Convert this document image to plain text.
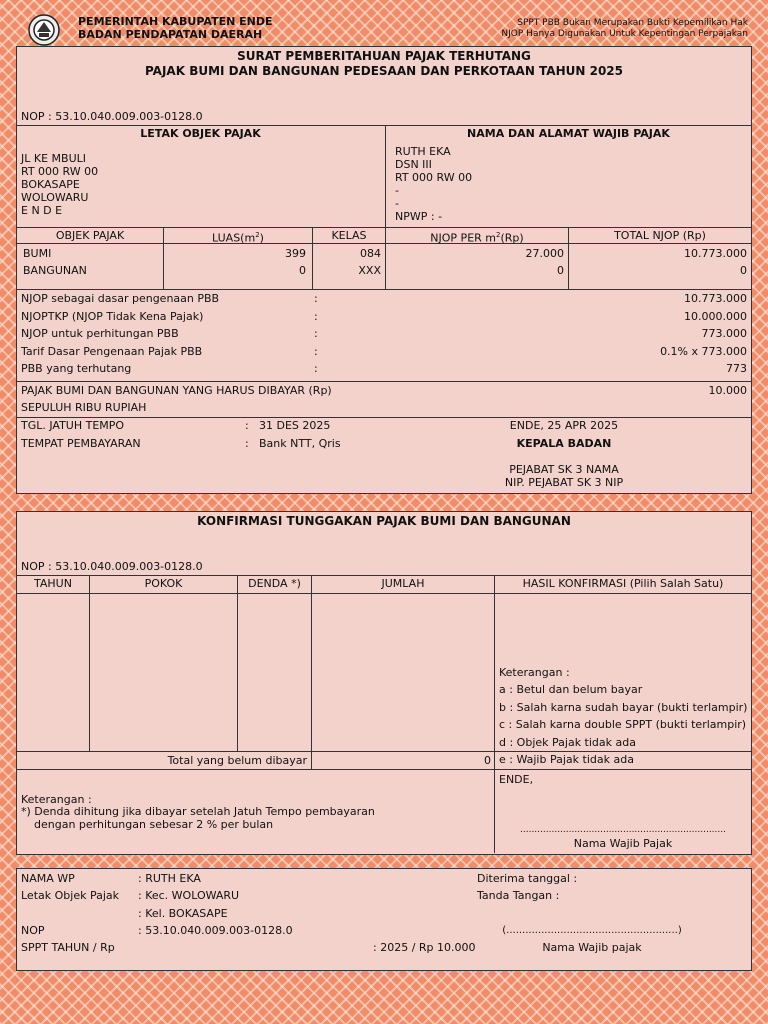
PEMERINTAH KABUPATEN ENDE
BADAN PENDAPATAN DAERAH
SPPT PBB Bukan Merupakan Bukti Kepemilikan Hak
NJOP Hanya Digunakan Untuk Kepentingan Perpajakan
SURAT PEMBERITAHUAN PAJAK TERHUTANG
PAJAK BUMI DAN BANGUNAN PEDESAAN DAN PERKOTAAN TAHUN 2025
NOP : 53.10.040.009.003-0128.0
LETAK OBJEK PAJAK	NAMA DAN ALAMAT WAJIB PAJAK
JL KE MBULI
RT 000 RW 00
BOKASAPE
WOLOWARU
E N D E
RUTH EKA
DSN III
RT 000 RW 00
-
-
NPWP : -
OBJEK PAJAK	$LUAS(m^2)$	KELAS	NJOP PER $m^2(Rp)$	TOTAL NJOP (Rp)
BUMI	399	084	27.000	10.773.000
BANGUNAN	0	XXX	0	0
NJOP sebagai dasar pengenaan PBB	:	10.773.000
NJOPTKP (NJOP Tidak Kena Pajak)	:	10.000.000
NJOP untuk perhitungan PBB	:	773.000
Tarif Dasar Pengenaan Pajak PBB	:	0.1% x 773.000
PBB yang terhutang	:	773
PAJAK BUMI DAN BANGUNAN YANG HARUS DIBAYAR (Rp)	10.000
SEPULUH RIBU RUPIAH
TGL. JATUH TEMPO	: 31 DES 2025
TEMPAT PEMBAYARAN	: Bank NTT, Qris
ENDE, 25 APR 2025
KEPALA BADAN
PEJABAT SK 3 NAMA
NIP. PEJABAT SK 3 NIP
KONFIRMASI TUNGGAKAN PAJAK BUMI DAN BANGUNAN
NOP : 53.10.040.009.003-0128.0
TAHUN	POKOK	DENDA *)	JUMLAH	HASIL KONFIRMASI (Pilih Salah Satu)
Keterangan :
a : Betul dan belum bayar
b : Salah karna sudah bayar (bukti terlampir)
c : Salah karna double SPPT (bukti terlampir)
d : Objek Pajak tidak ada
e : Wajib Pajak tidak ada
Total yang belum dibayar	0
Keterangan :
*) Denda dihitung jika dibayar setelah Jatuh Tempo pembayaran
dengan perhitungan sebesar 2 % per bulan
ENDE,
........................................................................
Nama Wajib Pajak
NAMA WP	: RUTH EKA
Letak Objek Pajak : Kec. WOLOWARU
: Kel. BOKASAPE
NOP	: 53.10.040.009.003-0128.0
SPPT TAHUN / Rp	: 2025 / Rp 10.000
Diterima tanggal :
Tanda Tangan :
(......................................................)
Nama Wajib pajak
